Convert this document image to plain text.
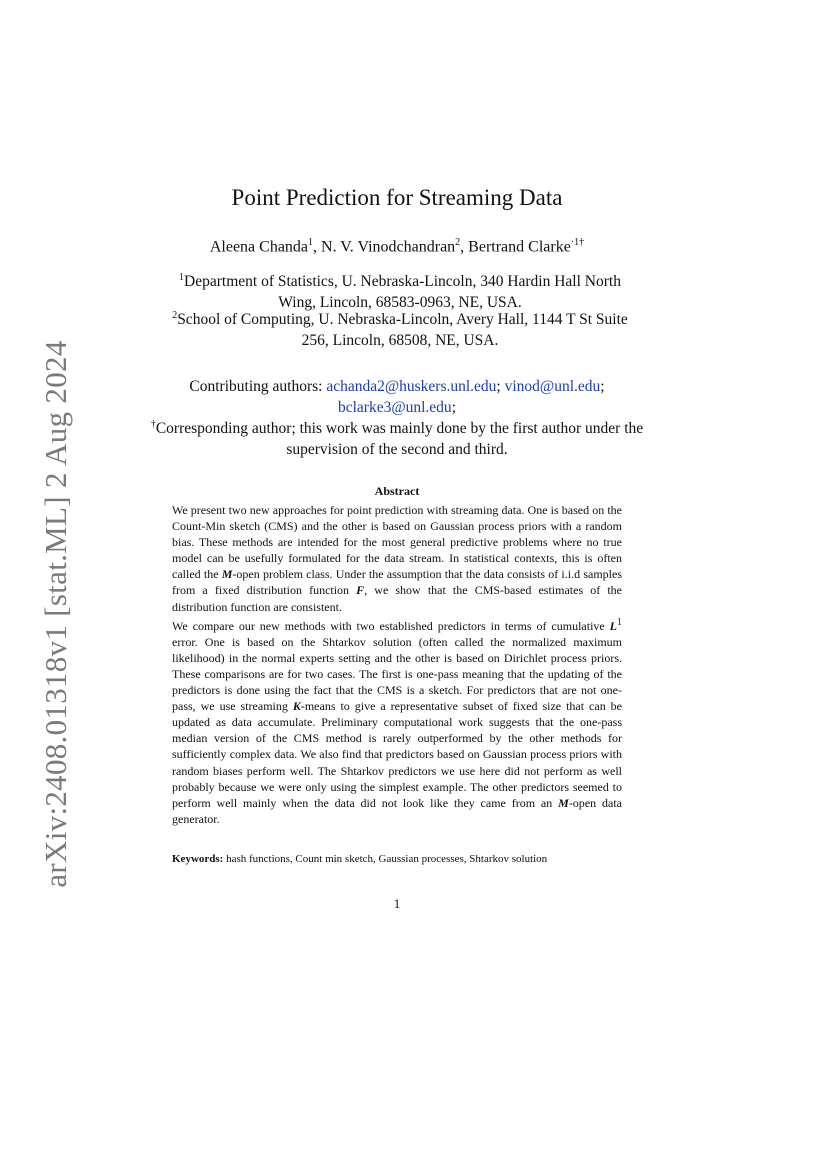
arXiv:2408.01318v1 [stat.ML] 2 Aug 2024
Point Prediction for Streaming Data
Aleena Chanda$^1$, N. V. Vinodchandran$^2$, Bertrand Clarke$^{\cdot 1\dagger}$
$^1$Department of Statistics, U. Nebraska-Lincoln, 340 Hardin Hall North Wing, Lincoln, 68583-0963, NE, USA.
$^2$School of Computing, U. Nebraska-Lincoln, Avery Hall, 1144 T St Suite 256, Lincoln, 68508, NE, USA.
Contributing authors: achanda2@huskers.unl.edu; vinod@unl.edu;
bclarke3@unl.edu;
†Corresponding author; this work was mainly done by the first author under the supervision of the second and third.
Abstract

We present two new approaches for point prediction with streaming data. One is based on the Count-Min sketch (CMS) and the other is based on Gaussian process priors with a random bias. These methods are intended for the most general predictive problems where no true model can be usefully formulated for the data stream. In statistical contexts, this is often called the M-open problem class. Under the assumption that the data consists of i.i.d samples from a fixed distribution function F, we show that the CMS-based estimates of the distribution function are consistent.

We compare our new methods with two established predictors in terms of cumulative $L^1$ error. One is based on the Shtarkov solution (often called the normalized maximum likelihood) in the normal experts setting and the other is based on Dirichlet process priors. These comparisons are for two cases. The first is one-pass meaning that the updating of the predictors is done using the fact that the CMS is a sketch. For predictors that are not one-pass, we use streaming K-means to give a representative subset of fixed size that can be updated as data accumulate. Preliminary computational work suggests that the one-pass median version of the CMS method is rarely outperformed by the other methods for sufficiently complex data. We also find that predictors based on Gaussian process priors with random biases perform well. The Shtarkov predictors we use here did not perform as well probably because we were only using the simplest example. The other predictors seemed to perform well mainly when the data did not look like they came from an M-open data generator.

Keywords: hash functions, Count min sketch, Gaussian processes, Shtarkov solution
1
